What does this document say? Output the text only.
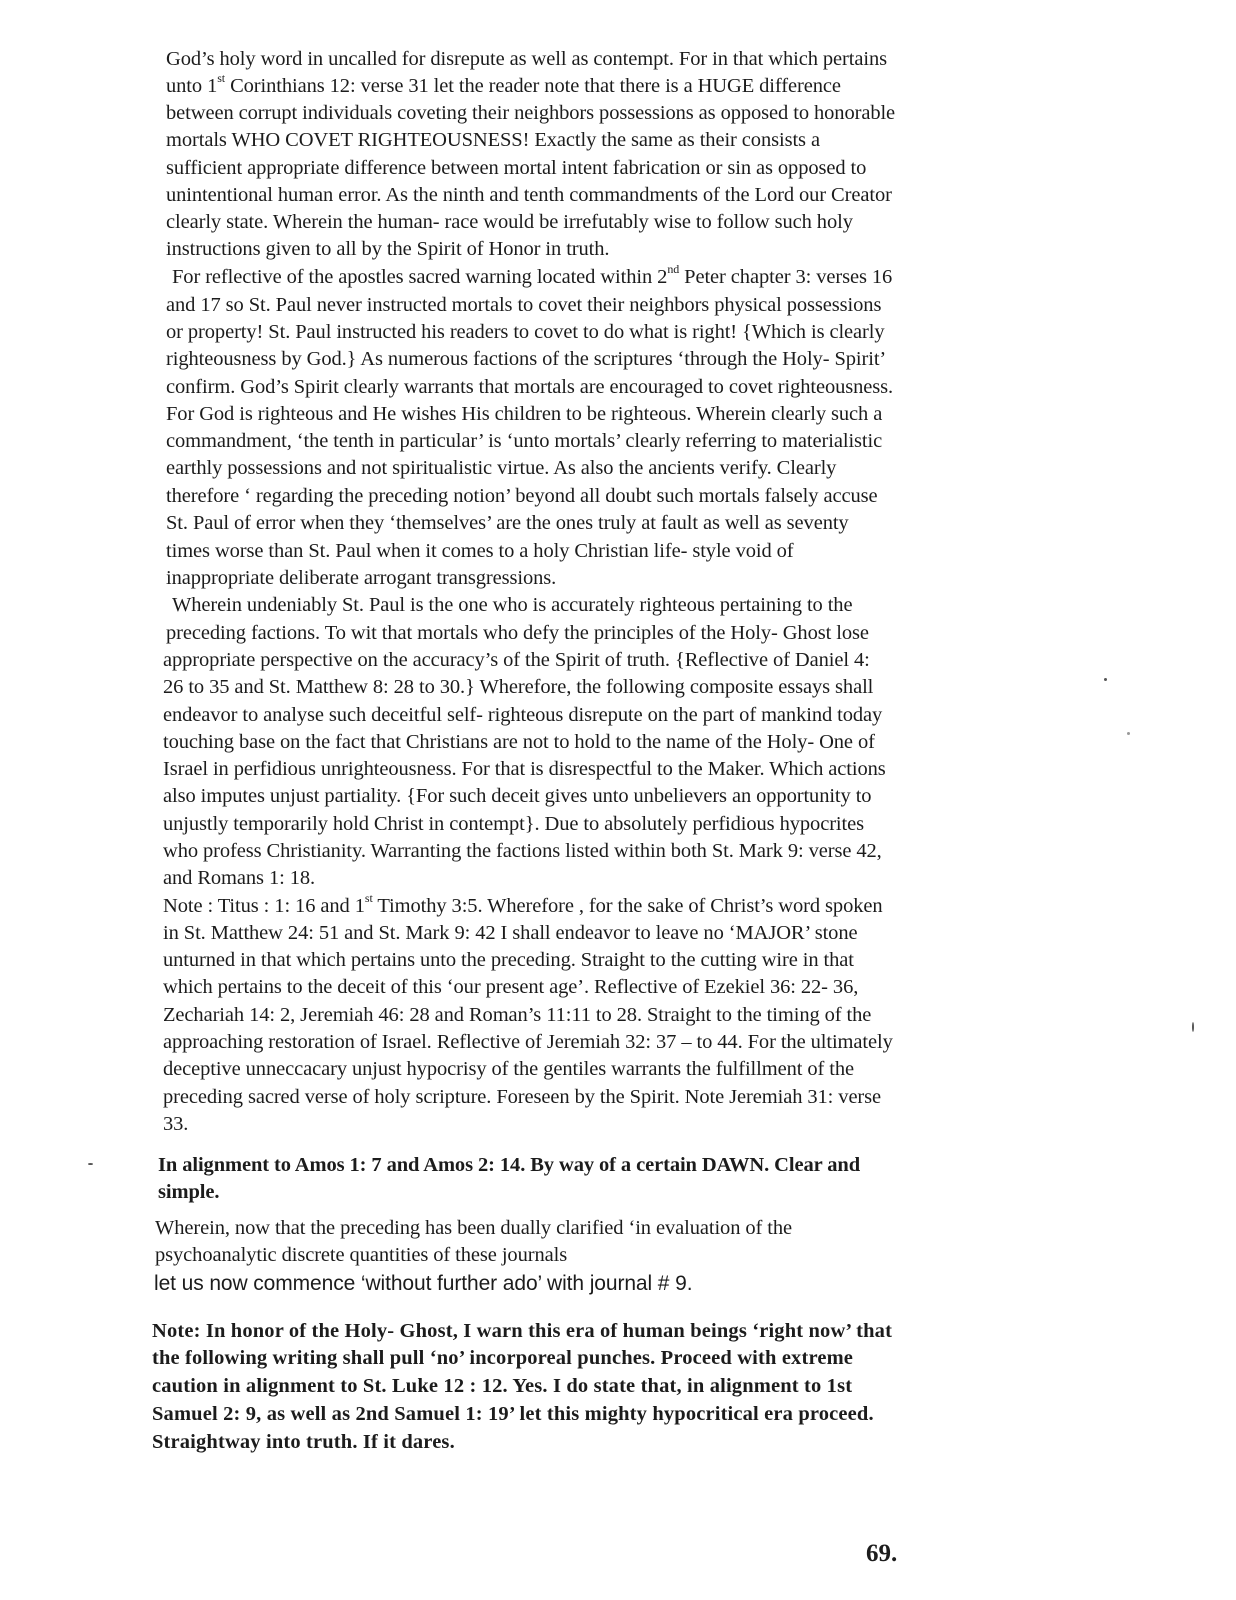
God’s holy word in uncalled for disrepute as well as contempt. For in that which pertains
unto 1st Corinthians 12: verse 31 let the reader note that there is a HUGE difference
between corrupt individuals coveting their neighbors possessions as opposed to honorable
mortals WHO COVET RIGHTEOUSNESS! Exactly the same as their consists a
sufficient appropriate difference between mortal intent fabrication or sin as opposed to
unintentional human error. As the ninth and tenth commandments of the Lord our Creator
clearly state. Wherein the human- race would be irrefutably wise to follow such holy
instructions given to all by the Spirit of Honor in truth.
For reflective of the apostles sacred warning located within 2nd Peter chapter 3: verses 16
and 17 so St. Paul never instructed mortals to covet their neighbors physical possessions
or property! St. Paul instructed his readers to covet to do what is right! {Which is clearly
righteousness by God.} As numerous factions of the scriptures ‘through the Holy- Spirit’
confirm. God’s Spirit clearly warrants that mortals are encouraged to covet righteousness.
For God is righteous and He wishes His children to be righteous. Wherein clearly such a
commandment, ‘the tenth in particular’ is ‘unto mortals’ clearly referring to materialistic
earthly possessions and not spiritualistic virtue. As also the ancients verify. Clearly
therefore ‘ regarding the preceding notion’ beyond all doubt such mortals falsely accuse
St. Paul of error when they ‘themselves’ are the ones truly at fault as well as seventy
times worse than St. Paul when it comes to a holy Christian life- style void of
inappropriate deliberate arrogant transgressions.
Wherein undeniably St. Paul is the one who is accurately righteous pertaining to the
preceding factions. To wit that mortals who defy the principles of the Holy- Ghost lose
appropriate perspective on the accuracy’s of the Spirit of truth. {Reflective of Daniel 4:
26 to 35 and St. Matthew 8: 28 to 30.} Wherefore, the following composite essays shall
endeavor to analyse such deceitful self- righteous disrepute on the part of mankind today
touching base on the fact that Christians are not to hold to the name of the Holy- One of
Israel in perfidious unrighteousness. For that is disrespectful to the Maker. Which actions
also imputes unjust partiality. {For such deceit gives unto unbelievers an opportunity to
unjustly temporarily hold Christ in contempt}. Due to absolutely perfidious hypocrites
who profess Christianity. Warranting the factions listed within both St. Mark 9: verse 42,
and Romans 1: 18.
Note : Titus : 1: 16 and 1st Timothy 3:5. Wherefore , for the sake of Christ’s word spoken
in St. Matthew 24: 51 and St. Mark 9: 42 I shall endeavor to leave no ‘MAJOR’ stone
unturned in that which pertains unto the preceding. Straight to the cutting wire in that
which pertains to the deceit of this ‘our present age’. Reflective of Ezekiel 36: 22- 36,
Zechariah 14: 2, Jeremiah 46: 28 and Roman’s 11:11 to 28. Straight to the timing of the
approaching restoration of Israel. Reflective of Jeremiah 32: 37 – to 44. For the ultimately
deceptive unneccacary unjust hypocrisy of the gentiles warrants the fulfillment of the
preceding sacred verse of holy scripture. Foreseen by the Spirit. Note Jeremiah 31: verse
33.
In alignment to Amos 1: 7 and Amos 2: 14. By way of a certain DAWN. Clear and
simple.
Wherein, now that the preceding has been dually clarified ‘in evaluation of the
psychoanalytic discrete quantities of these journals
let us now commence ‘without further ado’ with journal # 9.
Note: In honor of the Holy- Ghost, I warn this era of human beings ‘right now’ that
the following writing shall pull ‘no’ incorporeal punches. Proceed with extreme
caution in alignment to St. Luke 12 : 12. Yes. I do state that, in alignment to 1st
Samuel 2: 9, as well as 2nd Samuel 1: 19’ let this mighty hypocritical era proceed.
Straightway into truth. If it dares.
69.
